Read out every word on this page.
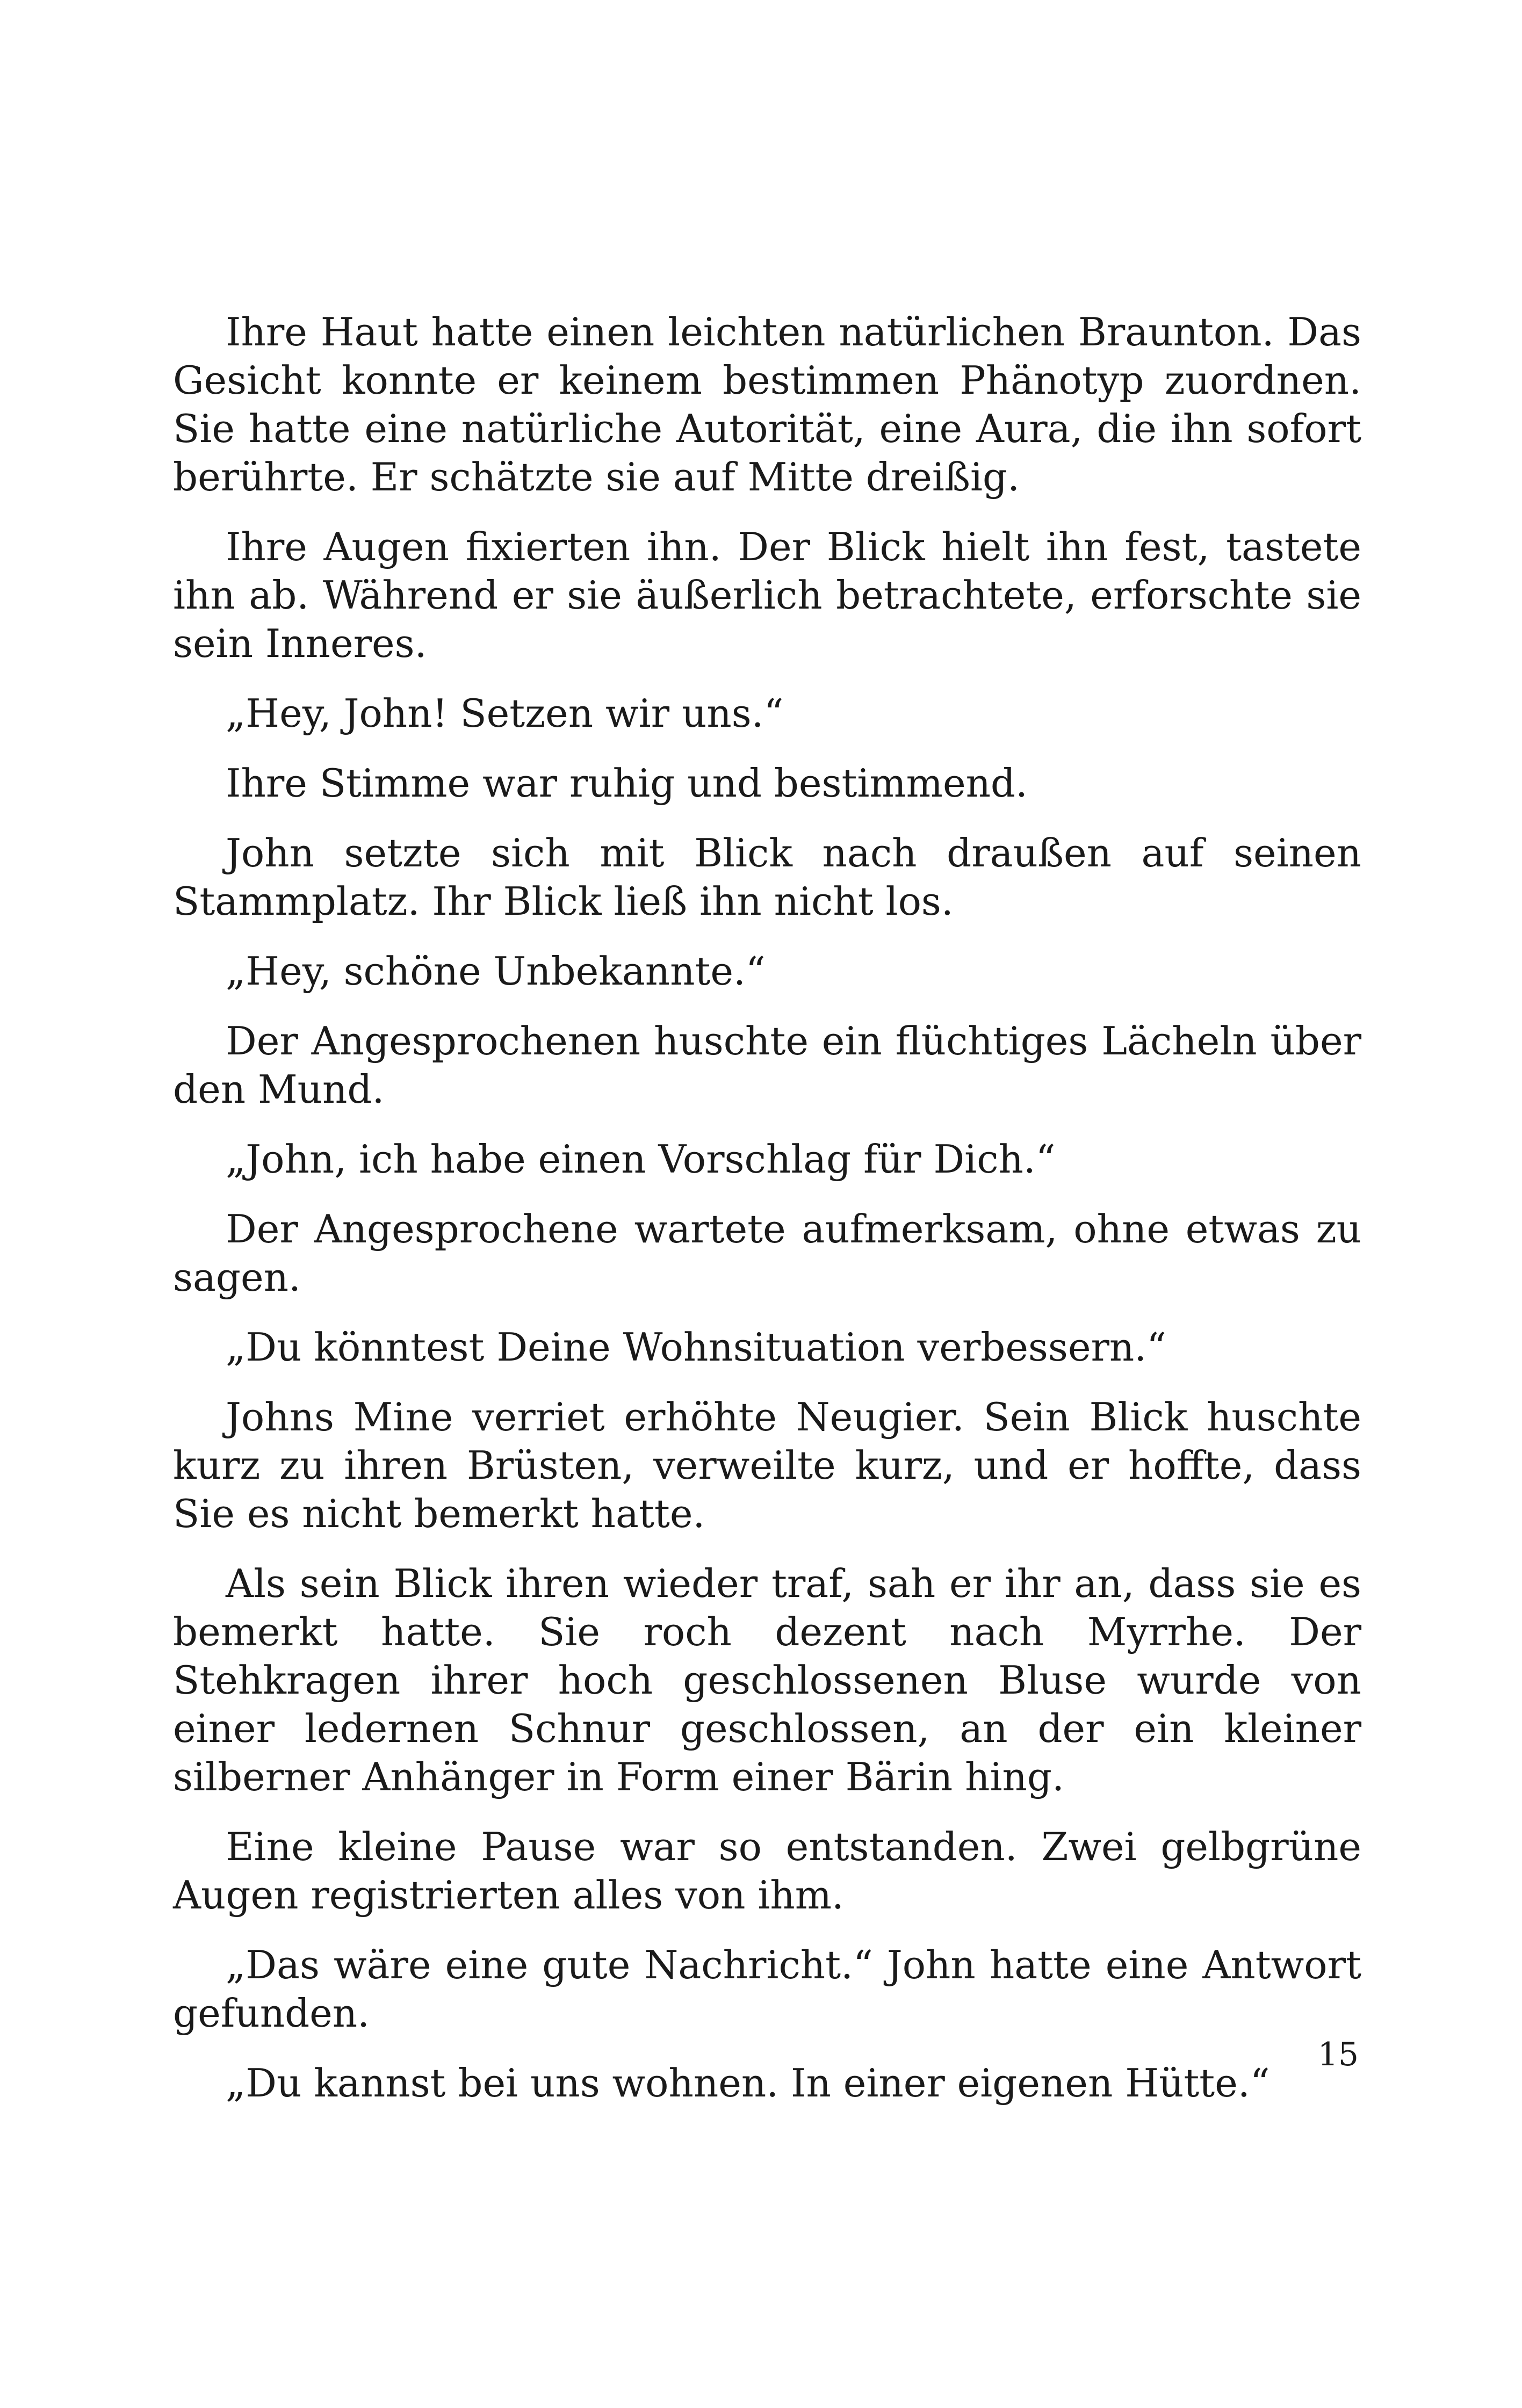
Ihre Haut hatte einen leichten natürlichen Braunton. Das Gesicht konnte er keinem bestimmen Phänotyp zuordnen. Sie hatte eine natürliche Autorität, eine Aura, die ihn sofort berührte. Er schätzte sie auf Mitte dreißig.

Ihre Augen fixierten ihn. Der Blick hielt ihn fest, tastete ihn ab. Während er sie äußerlich betrachtete, erforschte sie sein Inneres.

„Hey, John! Setzen wir uns.“

Ihre Stimme war ruhig und bestimmend.

John setzte sich mit Blick nach draußen auf seinen Stammplatz. Ihr Blick ließ ihn nicht los.

„Hey, schöne Unbekannte.“

Der Angesprochenen huschte ein flüchtiges Lächeln über den Mund.

„John, ich habe einen Vorschlag für Dich.“

Der Angesprochene wartete aufmerksam, ohne etwas zu sagen.

„Du könntest Deine Wohnsituation verbessern.“

Johns Mine verriet erhöhte Neugier. Sein Blick huschte kurz zu ihren Brüsten, verweilte kurz, und er hoffte, dass Sie es nicht bemerkt hatte.

Als sein Blick ihren wieder traf, sah er ihr an, dass sie es bemerkt hatte. Sie roch dezent nach Myrrhe. Der Stehkragen ihrer hoch geschlossenen Bluse wurde von einer ledernen Schnur geschlossen, an der ein kleiner silberner Anhänger in Form einer Bärin hing.

Eine kleine Pause war so entstanden. Zwei gelbgrüne Augen registrierten alles von ihm.

„Das wäre eine gute Nachricht.“ John hatte eine Antwort gefunden.

„Du kannst bei uns wohnen. In einer eigenen Hütte.“

15
